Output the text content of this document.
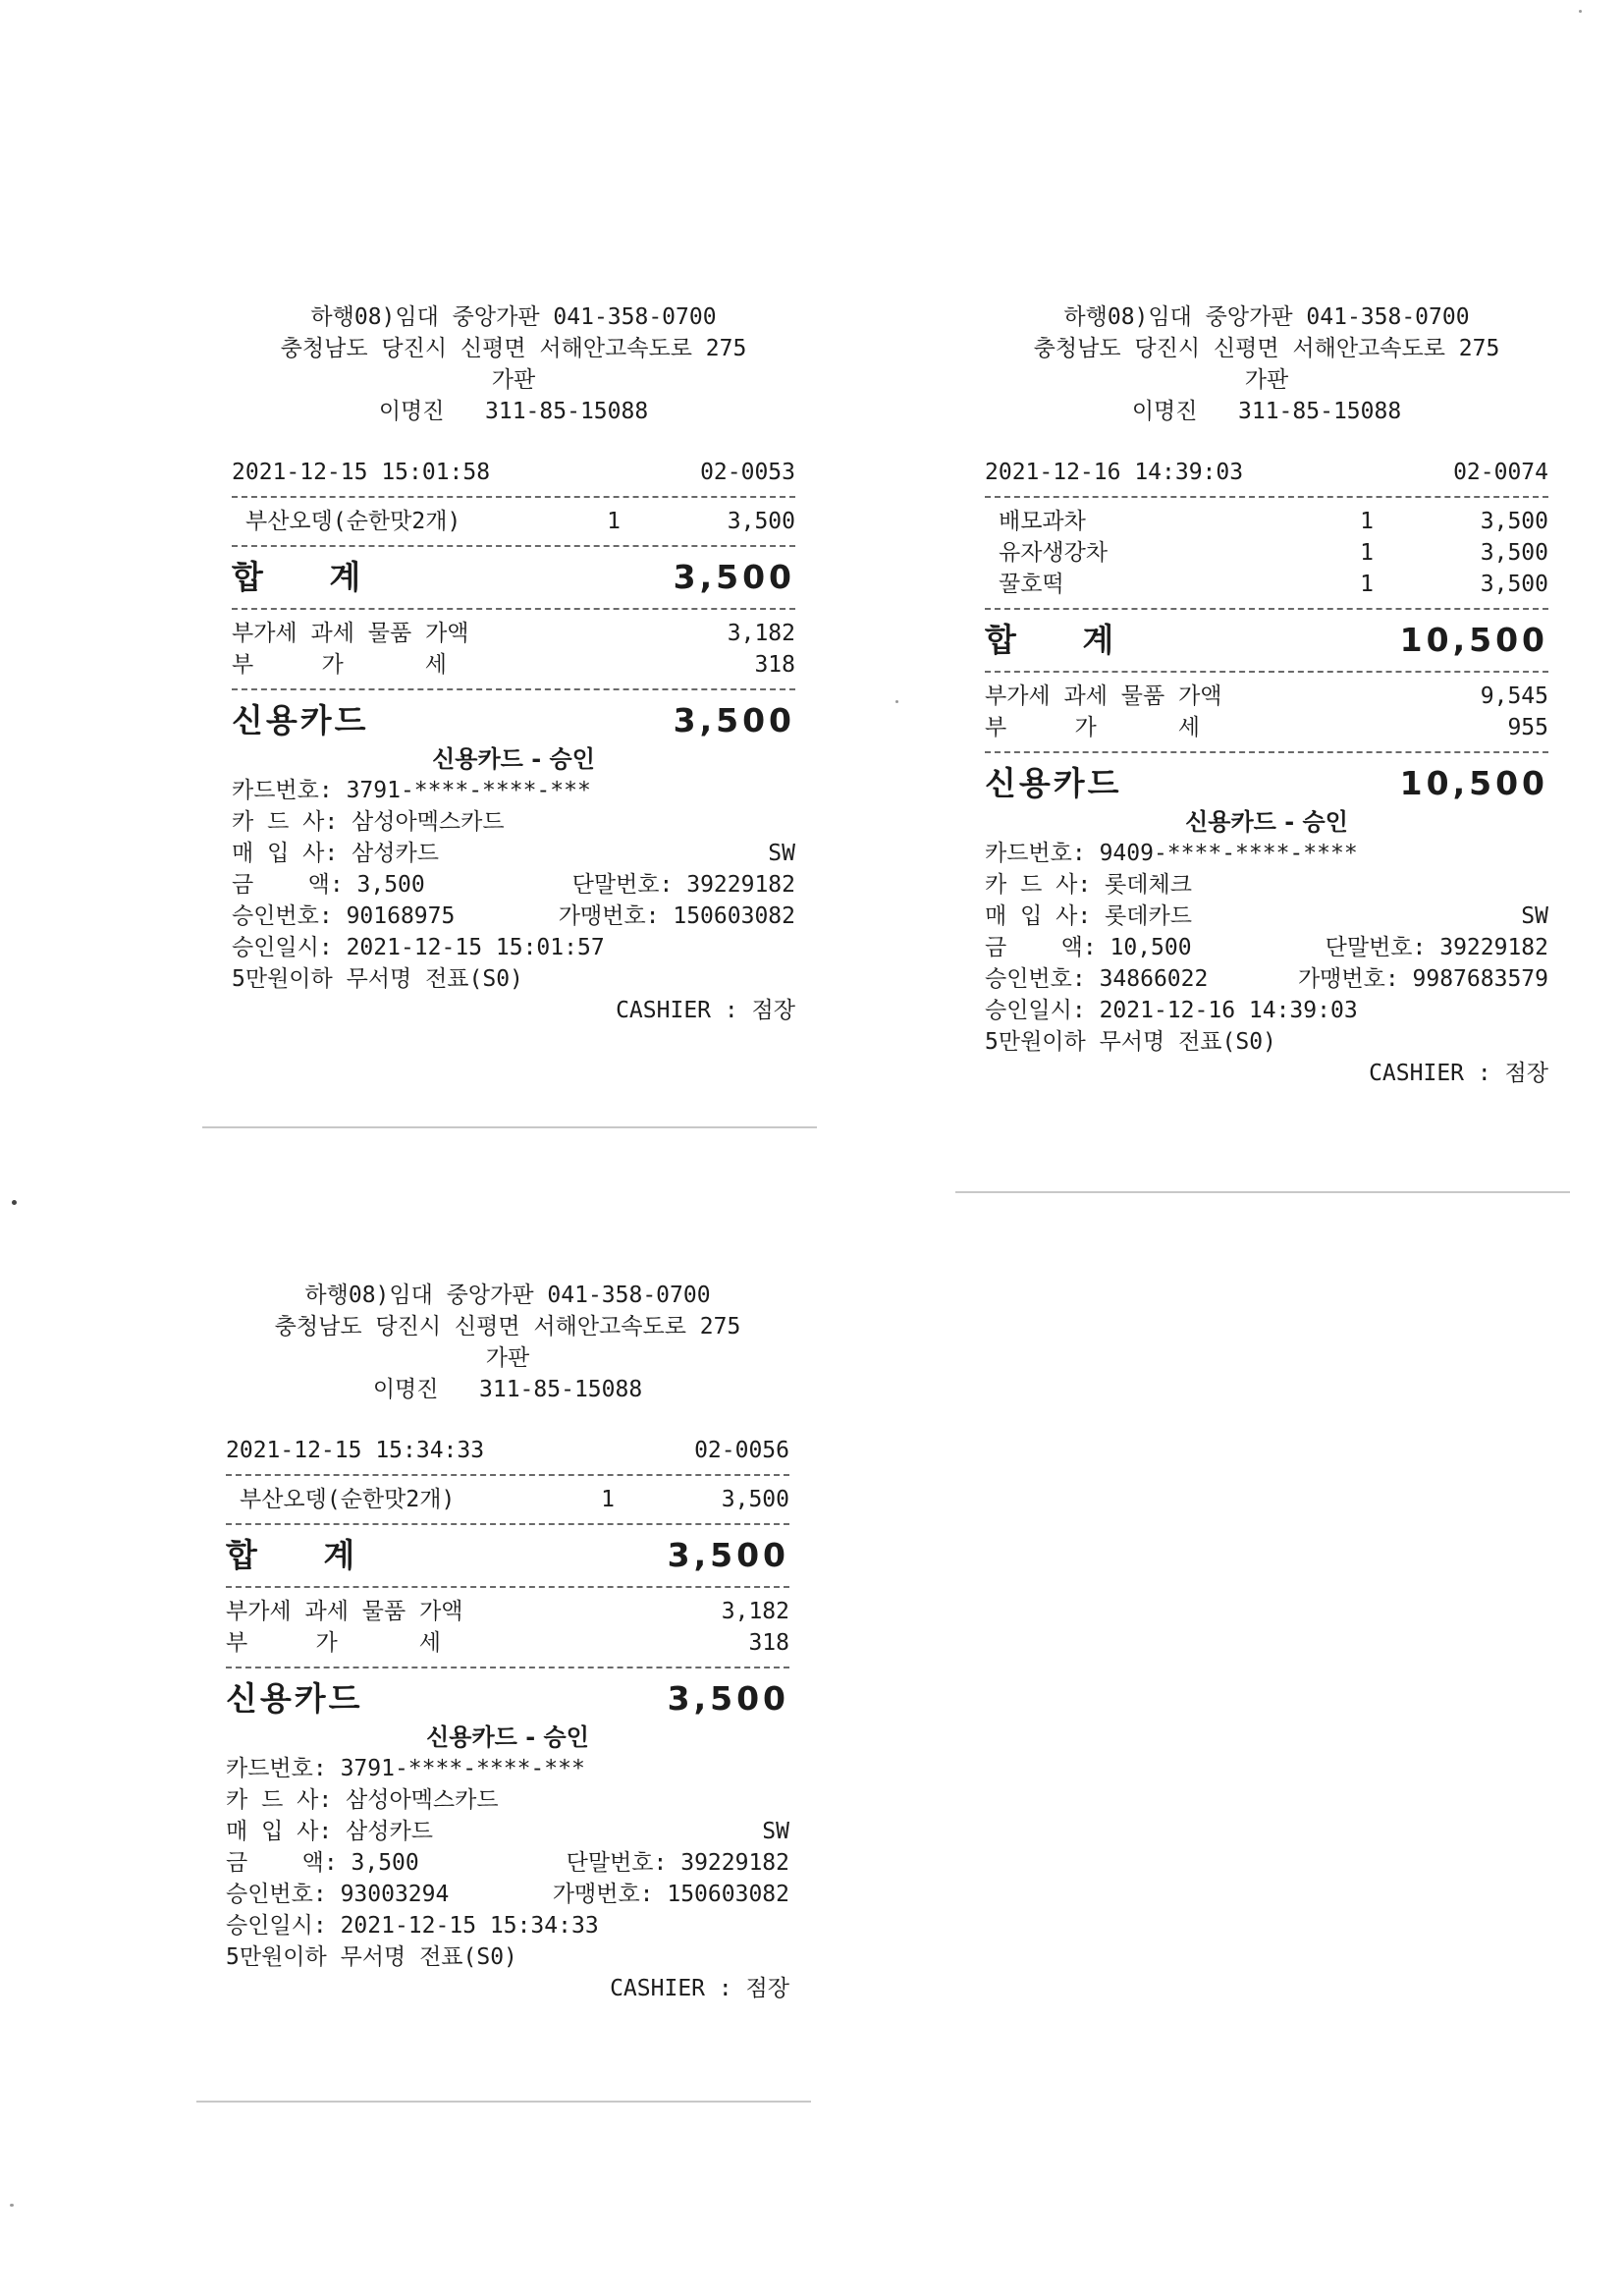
하행08)임대 중앙가판 041-358-0700
충청남도 당진시 신평면 서해안고속도로 275
가판
이명진   311-85-15088
2021-12-15 15:01:58	02-0053
부산오뎅(순한맛2개)	1	3,500
합 계	3,500
부가세 과세 물품 가액	3,182
부     가      세	318
신용카드	3,500
신용카드 - 승인
카드번호: 3791-****-****-***
카 드 사: 삼성아멕스카드
매 입 사: 삼성카드	SW
금    액: 3,500	단말번호: 39229182
승인번호: 90168975	가맹번호: 150603082
승인일시: 2021-12-15 15:01:57
5만원이하 무서명 전표(S0)
CASHIER : 점장
하행08)임대 중앙가판 041-358-0700
충청남도 당진시 신평면 서해안고속도로 275
가판
이명진   311-85-15088
2021-12-16 14:39:03	02-0074
배모과차	1	3,500
유자생강차	1	3,500
꿀호떡	1	3,500
합 계	10,500
부가세 과세 물품 가액	9,545
부     가      세	955
신용카드	10,500
신용카드 - 승인
카드번호: 9409-****-****-****
카 드 사: 롯데체크
매 입 사: 롯데카드	SW
금    액: 10,500	단말번호: 39229182
승인번호: 34866022	가맹번호: 9987683579
승인일시: 2021-12-16 14:39:03
5만원이하 무서명 전표(S0)
CASHIER : 점장
하행08)임대 중앙가판 041-358-0700
충청남도 당진시 신평면 서해안고속도로 275
가판
이명진   311-85-15088
2021-12-15 15:34:33	02-0056
부산오뎅(순한맛2개)	1	3,500
합 계	3,500
부가세 과세 물품 가액	3,182
부     가      세	318
신용카드	3,500
신용카드 - 승인
카드번호: 3791-****-****-***
카 드 사: 삼성아멕스카드
매 입 사: 삼성카드	SW
금    액: 3,500	단말번호: 39229182
승인번호: 93003294	가맹번호: 150603082
승인일시: 2021-12-15 15:34:33
5만원이하 무서명 전표(S0)
CASHIER : 점장
